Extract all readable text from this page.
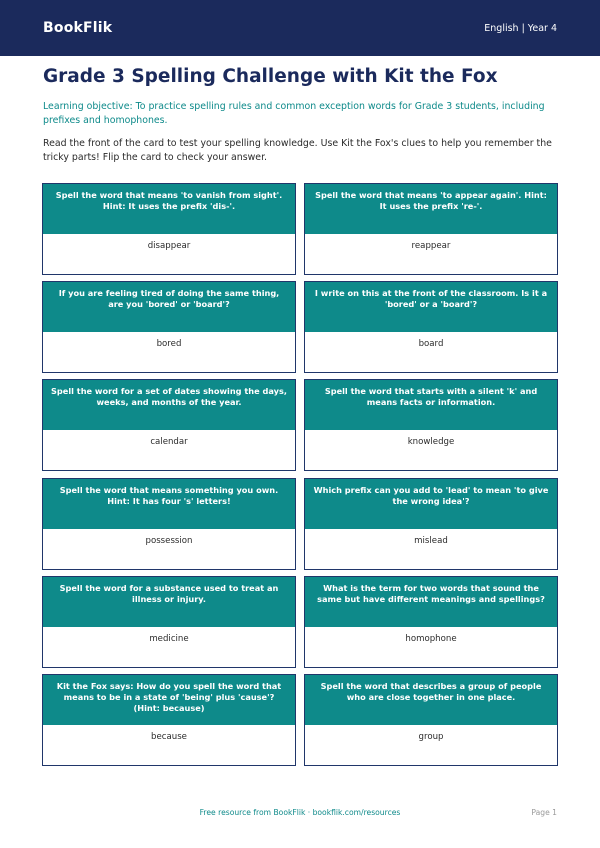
BookFlik	English | Year 4
Grade 3 Spelling Challenge with Kit the Fox

Learning objective: To practice spelling rules and common exception words for Grade 3 students, including prefixes and homophones.

Read the front of the card to test your spelling knowledge. Use Kit the Fox's clues to help you remember the tricky parts! Flip the card to check your answer.

Spell the word that means 'to vanish from sight'. Hint: It uses the prefix 'dis-'.
disappear
Spell the word that means 'to appear again'. Hint: It uses the prefix 're-'.
reappear
If you are feeling tired of doing the same thing, are you 'bored' or 'board'?
bored
I write on this at the front of the classroom. Is it a 'bored' or a 'board'?
board
Spell the word for a set of dates showing the days, weeks, and months of the year.
calendar
Spell the word that starts with a silent 'k' and means facts or information.
knowledge
Spell the word that means something you own. Hint: It has four 's' letters!
possession
Which prefix can you add to 'lead' to mean 'to give the wrong idea'?
mislead
Spell the word for a substance used to treat an illness or injury.
medicine
What is the term for two words that sound the same but have different meanings and spellings?
homophone
Kit the Fox says: How do you spell the word that means to be in a state of 'being' plus 'cause'? (Hint: because)
because
Spell the word that describes a group of people who are close together in one place.
group
Free resource from BookFlik · bookflik.com/resources	Page 1
